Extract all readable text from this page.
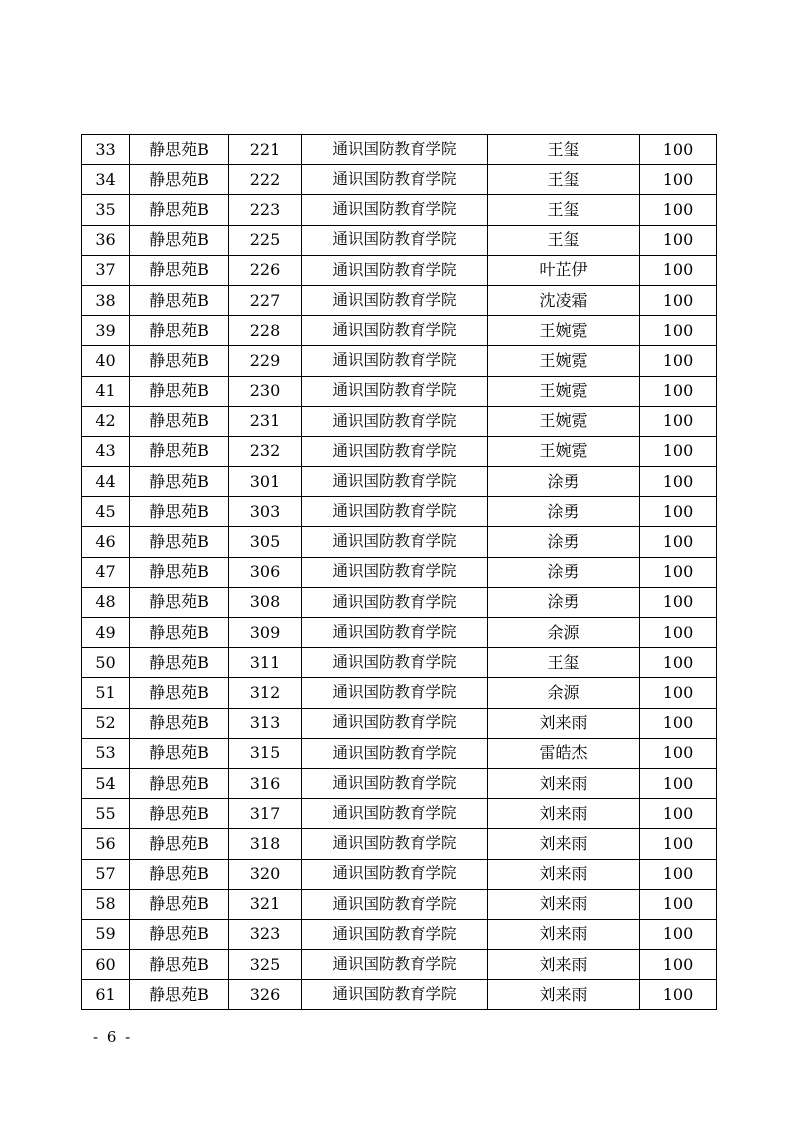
33	静思苑B	221	通识国防教育学院	王玺	100
34	静思苑B	222	通识国防教育学院	王玺	100
35	静思苑B	223	通识国防教育学院	王玺	100
36	静思苑B	225	通识国防教育学院	王玺	100
37	静思苑B	226	通识国防教育学院	叶芷伊	100
38	静思苑B	227	通识国防教育学院	沈凌霜	100
39	静思苑B	228	通识国防教育学院	王婉霓	100
40	静思苑B	229	通识国防教育学院	王婉霓	100
41	静思苑B	230	通识国防教育学院	王婉霓	100
42	静思苑B	231	通识国防教育学院	王婉霓	100
43	静思苑B	232	通识国防教育学院	王婉霓	100
44	静思苑B	301	通识国防教育学院	涂勇	100
45	静思苑B	303	通识国防教育学院	涂勇	100
46	静思苑B	305	通识国防教育学院	涂勇	100
47	静思苑B	306	通识国防教育学院	涂勇	100
48	静思苑B	308	通识国防教育学院	涂勇	100
49	静思苑B	309	通识国防教育学院	余源	100
50	静思苑B	311	通识国防教育学院	王玺	100
51	静思苑B	312	通识国防教育学院	余源	100
52	静思苑B	313	通识国防教育学院	刘来雨	100
53	静思苑B	315	通识国防教育学院	雷皓杰	100
54	静思苑B	316	通识国防教育学院	刘来雨	100
55	静思苑B	317	通识国防教育学院	刘来雨	100
56	静思苑B	318	通识国防教育学院	刘来雨	100
57	静思苑B	320	通识国防教育学院	刘来雨	100
58	静思苑B	321	通识国防教育学院	刘来雨	100
59	静思苑B	323	通识国防教育学院	刘来雨	100
60	静思苑B	325	通识国防教育学院	刘来雨	100
61	静思苑B	326	通识国防教育学院	刘来雨	100
- 6 -
